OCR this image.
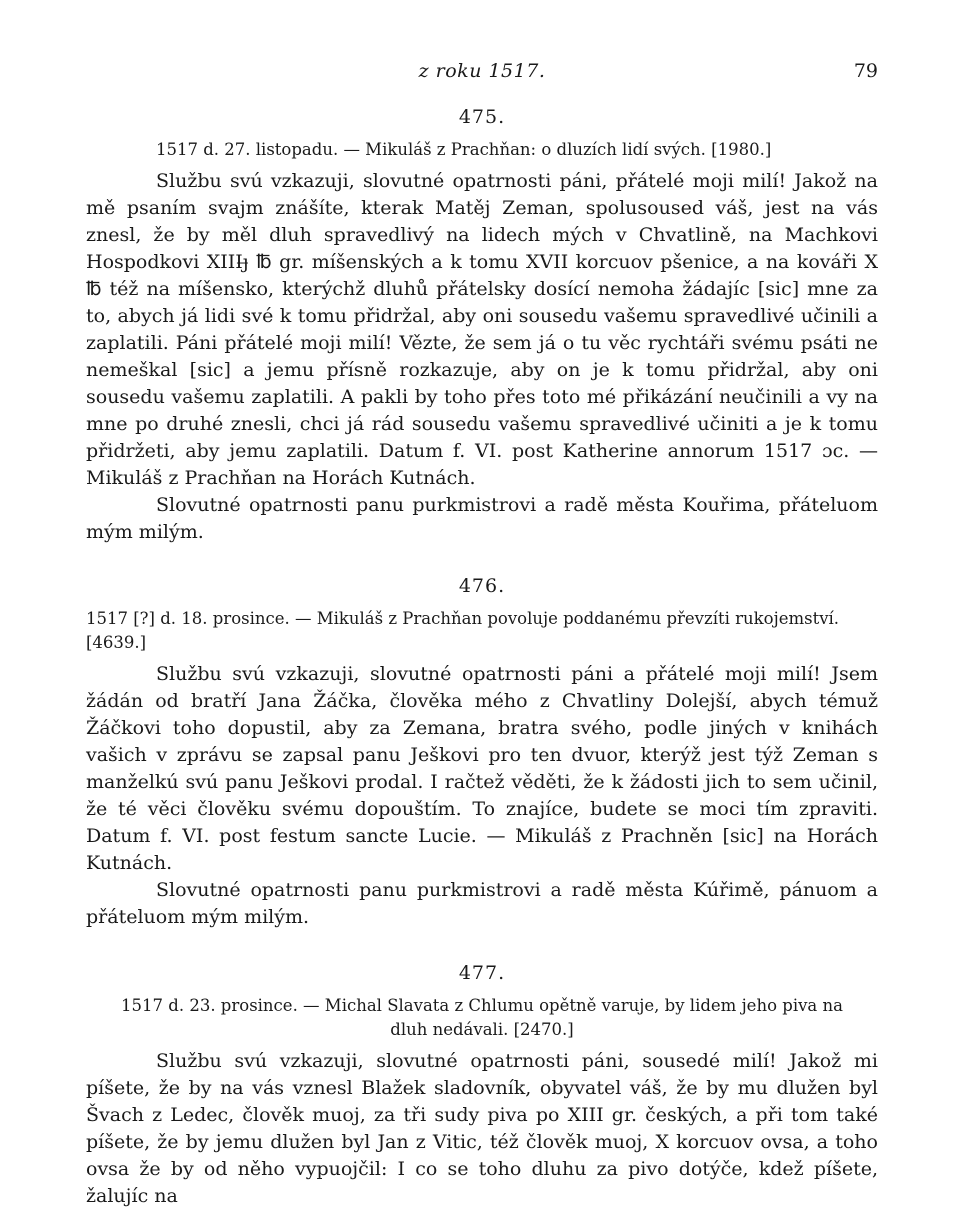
z roku 1517.	79
475.

1517 d. 27. listopadu. — Mikuláš z Prachňan: o dluzích lidí svých. [1980.]

Službu svú vzkazuji, slovutné opatrnosti páni, přátelé moji milí! Jakož na mě psaním svajm znášíte, kterak Matěj Zeman, spolusoused váš, jest na vás znesl, že by měl dluh spravedlivý na lidech mých v Chvatlině, na Machkovi Hospodkovi XIIIȷ̶ ℔ gr. míšenských a k tomu XVII korcuov pšenice, a na kováři X ℔ též na míšensko, kterýchž dluhů přátelsky dosící nemoha žádajíc [sic] mne za to, abych já lidi své k tomu přidržal, aby oni sousedu vašemu spravedlivé učinili a zaplatili. Páni přátelé moji milí! Vězte, že sem já o tu věc rychtáři svému psáti ne nemeškal [sic] a jemu přísně rozkazuje, aby on je k tomu přidržal, aby oni sousedu vašemu zaplatili. A pakli by toho přes toto mé přikázání neučinili a vy na mne po druhé znesli, chci já rád sousedu vašemu spravedlivé učiniti a je k tomu přidržeti, aby jemu zaplatili. Datum f. VI. post Katherine annorum 1517 ɔc. — Mikuláš z Prachňan na Horách Kutnách.

Slovutné opatrnosti panu purkmistrovi a radě města Kouřima, přáteluom mým milým.

476.

1517 [?] d. 18. prosince. — Mikuláš z Prachňan povoluje poddanému převzíti rukojemství. [4639.]

Službu svú vzkazuji, slovutné opatrnosti páni a přátelé moji milí! Jsem žádán od bratří Jana Žáčka, člověka mého z Chvatliny Dolejší, abych témuž Žáčkovi toho dopustil, aby za Zemana, bratra svého, podle jiných v knihách vašich v zprávu se zapsal panu Ješkovi pro ten dvuor, kterýž jest týž Zeman s manželkú svú panu Ješkovi prodal. I račtež věděti, že k žádosti jich to sem učinil, že té věci člověku svému dopouštím. To znajíce, budete se moci tím zpraviti. Datum f. VI. post festum sancte Lucie. — Mikuláš z Prachněn [sic] na Horách Kutnách.

Slovutné opatrnosti panu purkmistrovi a radě města Kúřimě, pánuom a přáteluom mým milým.

477.

1517 d. 23. prosince. — Michal Slavata z Chlumu opětně varuje, by lidem jeho piva na dluh nedávali. [2470.]

Službu svú vzkazuji, slovutné opatrnosti páni, sousedé milí! Jakož mi píšete, že by na vás vznesl Blažek sladovník, obyvatel váš, že by mu dlužen byl Švach z Ledec, člověk muoj, za tři sudy piva po XIII gr. českých, a při tom také píšete, že by jemu dlužen byl Jan z Vitic, též člověk muoj, X korcuov ovsa, a toho ovsa že by od něho vypuojčil: I co se toho dluhu za pivo dotýče, kdež píšete, žalujíc na
